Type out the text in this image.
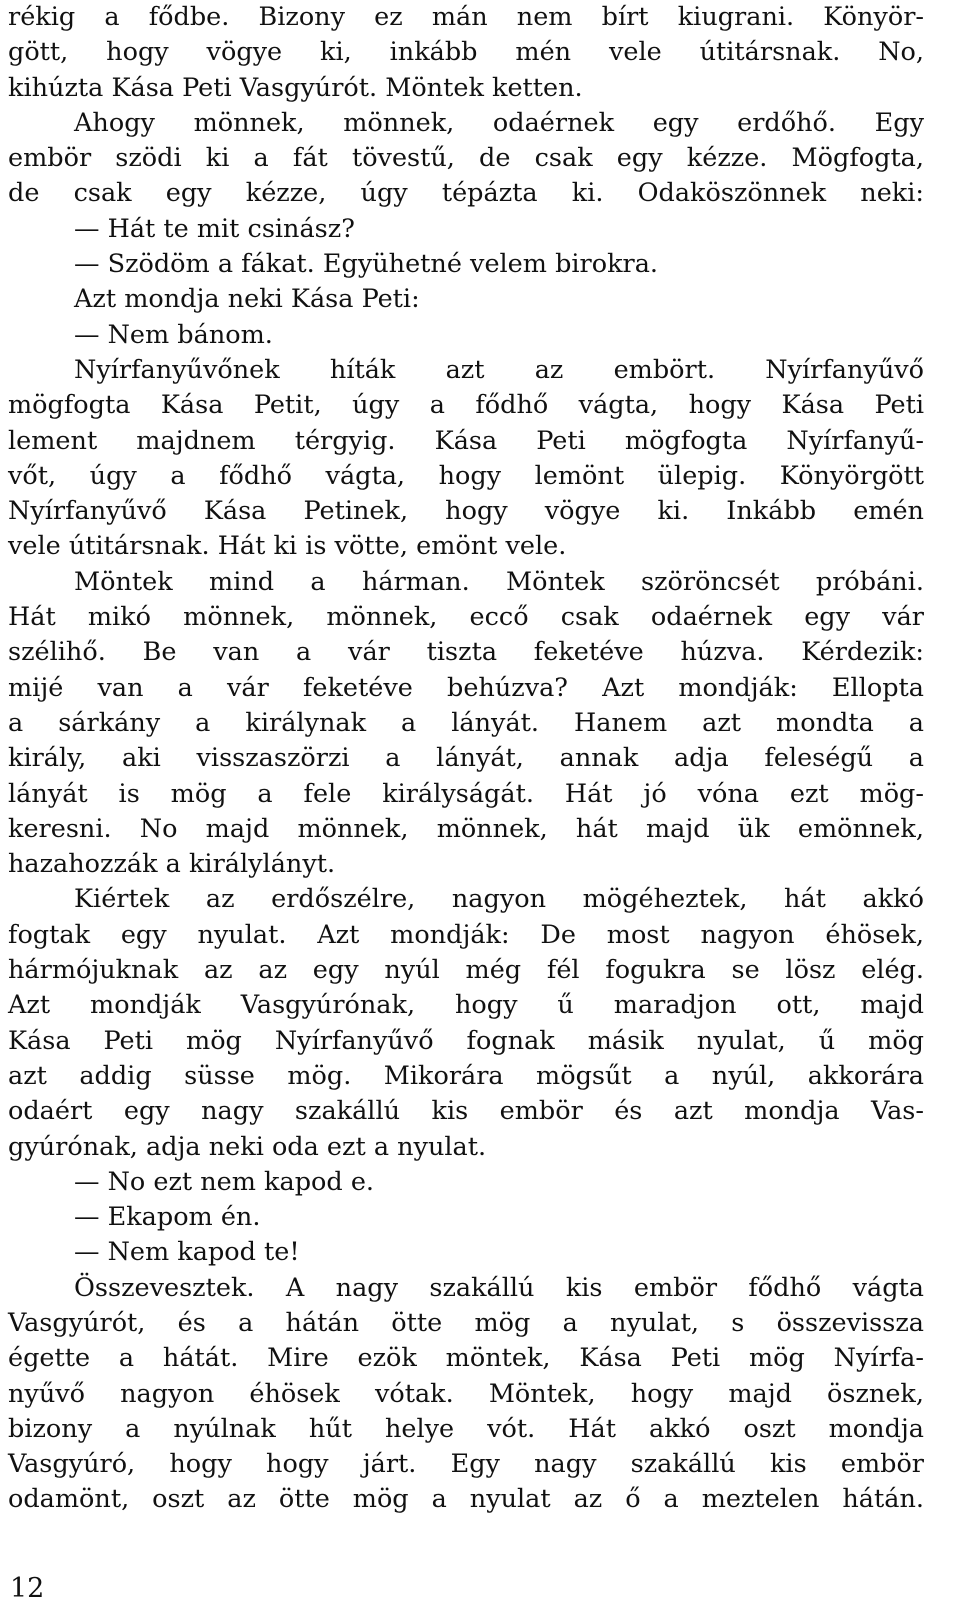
rékig a fődbe. Bizony ez mán nem bírt kiugrani. Könyör-
gött, hogy vögye ki, inkább mén vele útitársnak. No,
kihúzta Kása Peti Vasgyúrót. Möntek ketten.
Ahogy mönnek, mönnek, odaérnek egy erdőhő. Egy
embör szödi ki a fát tövestű, de csak egy kézze. Mögfogta,
de csak egy kézze, úgy tépázta ki. Odaköszönnek neki:
— Hát te mit csinász?
— Szödöm a fákat. Együhetné velem birokra.
Azt mondja neki Kása Peti:
— Nem bánom.
Nyírfanyűvőnek híták azt az embört. Nyírfanyűvő
mögfogta Kása Petit, úgy a fődhő vágta, hogy Kása Peti
lement majdnem térgyig. Kása Peti mögfogta Nyírfanyű-
vőt, úgy a fődhő vágta, hogy lemönt ülepig. Könyörgött
Nyírfanyűvő Kása Petinek, hogy vögye ki. Inkább emén
vele útitársnak. Hát ki is vötte, emönt vele.
Möntek mind a hárman. Möntek szöröncsét próbáni.
Hát mikó mönnek, mönnek, eccő csak odaérnek egy vár
szélihő. Be van a vár tiszta feketéve húzva. Kérdezik:
mijé van a vár feketéve behúzva? Azt mondják: Ellopta
a sárkány a királynak a lányát. Hanem azt mondta a
király, aki visszaszörzi a lányát, annak adja feleségű a
lányát is mög a fele királyságát. Hát jó vóna ezt mög-
keresni. No majd mönnek, mönnek, hát majd ük emönnek,
hazahozzák a királylányt.
Kiértek az erdőszélre, nagyon mögéheztek, hát akkó
fogtak egy nyulat. Azt mondják: De most nagyon éhösek,
hármójuknak az az egy nyúl még fél fogukra se lösz elég.
Azt mondják Vasgyúrónak, hogy ű maradjon ott, majd
Kása Peti mög Nyírfanyűvő fognak másik nyulat, ű mög
azt addig süsse mög. Mikorára mögsűt a nyúl, akkorára
odaért egy nagy szakállú kis embör és azt mondja Vas-
gyúrónak, adja neki oda ezt a nyulat.
— No ezt nem kapod e.
— Ekapom én.
— Nem kapod te!
Összevesztek. A nagy szakállú kis embör fődhő vágta
Vasgyúrót, és a hátán ötte mög a nyulat, s összevissza
égette a hátát. Mire ezök möntek, Kása Peti mög Nyírfa-
nyűvő nagyon éhösek vótak. Möntek, hogy majd ösznek,
bizony a nyúlnak hűt helye vót. Hát akkó oszt mondja
Vasgyúró, hogy hogy járt. Egy nagy szakállú kis embör
odamönt, oszt az ötte mög a nyulat az ő a meztelen hátán.
12
